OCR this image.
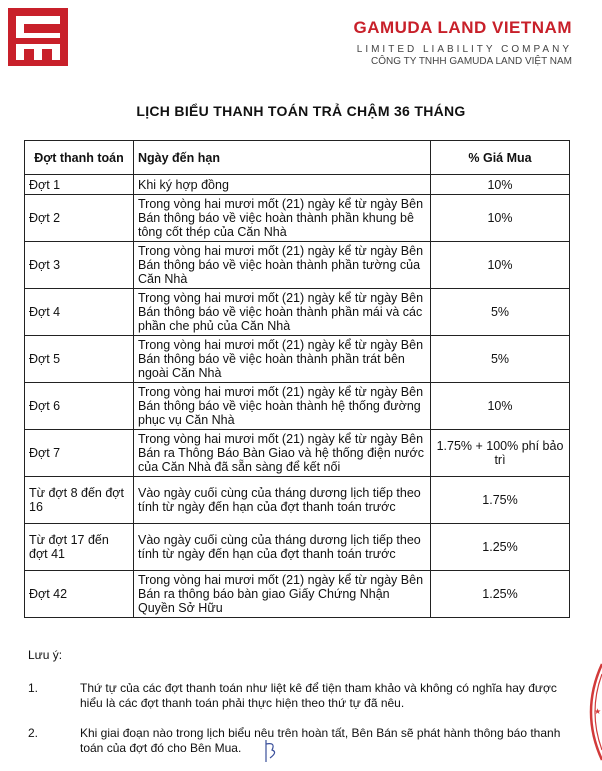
GAMUDA LAND VIETNAM
LIMITED LIABILITY COMPANY
CÔNG TY TNHH GAMUDA LAND VIỆT NAM
LỊCH BIỂU THANH TOÁN TRẢ CHẬM 36 THÁNG
Đợt thanh toán	Ngày đến hạn	% Giá Mua
Đợt 1	Khi ký hợp đồng	10%
Đợt 2	Trong vòng hai mươi mốt (21) ngày kể từ ngày Bên Bán thông báo về việc hoàn thành phần khung bê tông cốt thép của Căn Nhà	10%
Đợt 3	Trong vòng hai mươi mốt (21) ngày kể từ ngày Bên Bán thông báo về việc hoàn thành phần tường của Căn Nhà	10%
Đợt 4	Trong vòng hai mươi mốt (21) ngày kể từ ngày Bên Bán thông báo về việc hoàn thành phần mái và các phần che phủ của Căn Nhà	5%
Đợt 5	Trong vòng hai mươi mốt (21) ngày kể từ ngày Bên Bán thông báo về việc hoàn thành phần trát bên ngoài Căn Nhà	5%
Đợt 6	Trong vòng hai mươi mốt (21) ngày kể từ ngày Bên Bán thông báo về việc hoàn thành hệ thống đường phục vụ Căn Nhà	10%
Đợt 7	Trong vòng hai mươi mốt (21) ngày kể từ ngày Bên Bán ra Thông Báo Bàn Giao và hệ thống điện nước của Căn Nhà đã sẵn sàng để kết nối	1.75% + 100% phí bảo trì
Từ đợt 8 đến đợt 16	Vào ngày cuối cùng của tháng dương lịch tiếp theo tính từ ngày đến hạn của đợt thanh toán trước	1.75%
Từ đợt 17 đến đợt 41	Vào ngày cuối cùng của tháng dương lịch tiếp theo tính từ ngày đến hạn của đợt thanh toán trước	1.25%
Đợt 42	Trong vòng hai mươi mốt (21) ngày kể từ ngày Bên Bán ra thông báo bàn giao Giấy Chứng Nhận Quyền Sở Hữu	1.25%
Lưu ý:
1.	Thứ tự của các đợt thanh toán như liệt kê để tiện tham khảo và không có nghĩa hay được hiểu là các đợt thanh toán phải thực hiện theo thứ tự đã nêu.
2.	Khi giai đoạn nào trong lịch biểu nêu trên hoàn tất, Bên Bán sẽ phát hành thông báo thanh toán của đợt đó cho Bên Mua.
★
